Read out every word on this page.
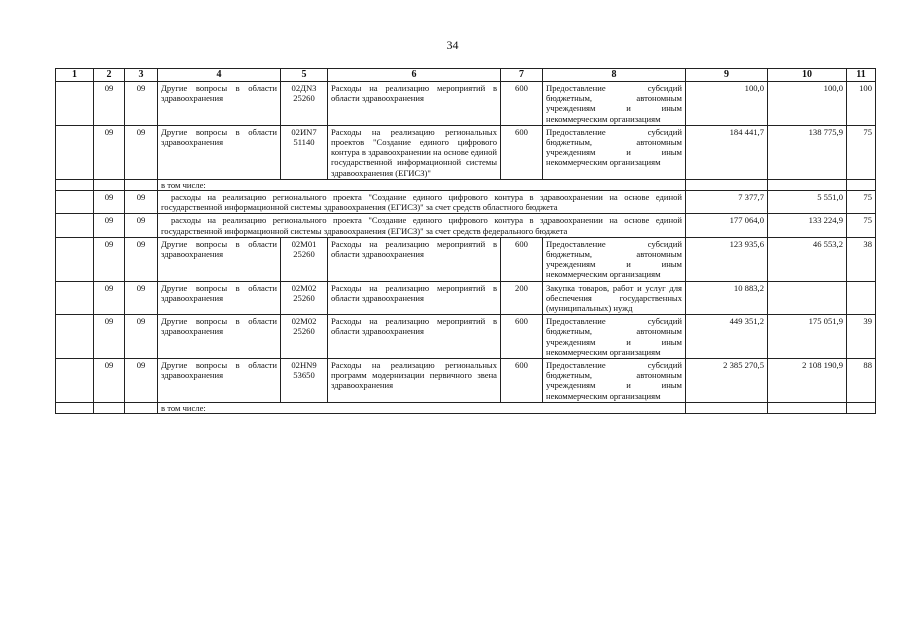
34
1	2	3	4	5	6	7	8	9	10	11
	09	09	Другие вопросы в области здравоохранения	02ДN3 25260	Расходы на реализацию мероприятий в области здравоохранения	600	Предоставление субсидий бюджетным, автономным учреждениям и иным некоммерческим организациям	100,0	100,0	100
	09	09	Другие вопросы в области здравоохранения	02ИN7 51140	Расходы на реализацию региональных проектов "Создание единого цифрового контура в здравоохранении на основе единой государственной информационной системы здравоохранения (ЕГИСЗ)"	600	Предоставление субсидий бюджетным, автономным учреждениям и иным некоммерческим организациям	184 441,7	138 775,9	75
			в том числе:							
	09	09	расходы на реализацию регионального проекта "Создание единого цифрового контура в здравоохранении на основе единой государственной информационной системы здравоохранения (ЕГИСЗ)" за счет средств областного бюджета					7 377,7	5 551,0	75
	09	09	расходы на реализацию регионального проекта "Создание единого цифрового контура в здравоохранении на основе единой государственной информационной системы здравоохранения (ЕГИСЗ)" за счет средств федерального бюджета					177 064,0	133 224,9	75
	09	09	Другие вопросы в области здравоохранения	02М01 25260	Расходы на реализацию мероприятий в области здравоохранения	600	Предоставление субсидий бюджетным, автономным учреждениям и иным некоммерческим организациям	123 935,6	46 553,2	38
	09	09	Другие вопросы в области здравоохранения	02М02 25260	Расходы на реализацию мероприятий в области здравоохранения	200	Закупка товаров, работ и услуг для обеспечения государственных (муниципальных) нужд	10 883,2		
	09	09	Другие вопросы в области здравоохранения	02М02 25260	Расходы на реализацию мероприятий в области здравоохранения	600	Предоставление субсидий бюджетным, автономным учреждениям и иным некоммерческим организациям	449 351,2	175 051,9	39
	09	09	Другие вопросы в области здравоохранения	02НN9 53650	Расходы на реализацию региональных программ модернизации первичного звена здравоохранения	600	Предоставление субсидий бюджетным, автономным учреждениям и иным некоммерческим организациям	2 385 270,5	2 108 190,9	88
			в том числе:							
